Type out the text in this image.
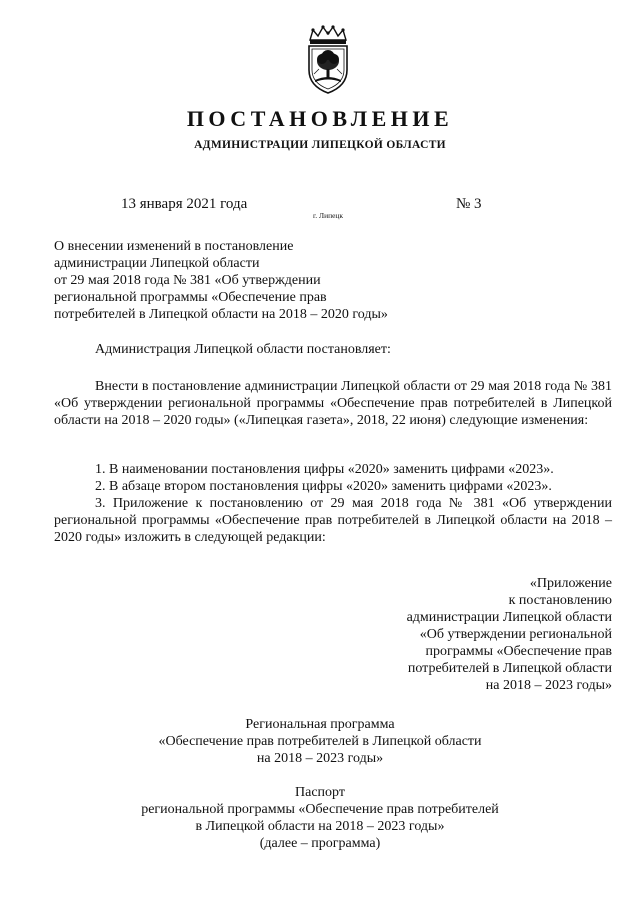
ПОСТАНОВЛЕНИЕ
АДМИНИСТРАЦИИ ЛИПЕЦКОЙ ОБЛАСТИ
13 января 2021 года
г. Липецк
№ 3
О внесении изменений в постановление
администрации Липецкой области
от 29 мая 2018 года № 381 «Об утверждении
региональной программы «Обеспечение прав
потребителей в Липецкой области на 2018 – 2020 годы»
Администрация Липецкой области постановляет:
Внести в постановление администрации Липецкой области от 29 мая 2018 года № 381 «Об утверждении региональной программы «Обеспечение прав потребителей в Липецкой области на 2018 – 2020 годы» («Липецкая газета», 2018, 22 июня) следующие изменения:
1. В наименовании постановления цифры «2020» заменить цифрами «2023».
2. В абзаце втором постановления цифры «2020» заменить цифрами «2023».
3. Приложение к постановлению от 29 мая 2018 года № 381 «Об утверждении региональной программы «Обеспечение прав потребителей в Липецкой области на 2018 – 2020 годы» изложить в следующей редакции:
«Приложение
к постановлению
администрации Липецкой области
«Об утверждении региональной
программы «Обеспечение прав
потребителей в Липецкой области
на 2018 – 2023 годы»
Региональная программа
«Обеспечение прав потребителей в Липецкой области
на 2018 – 2023 годы»
Паспорт
региональной программы «Обеспечение прав потребителей
в Липецкой области на 2018 – 2023 годы»
(далее – программа)
